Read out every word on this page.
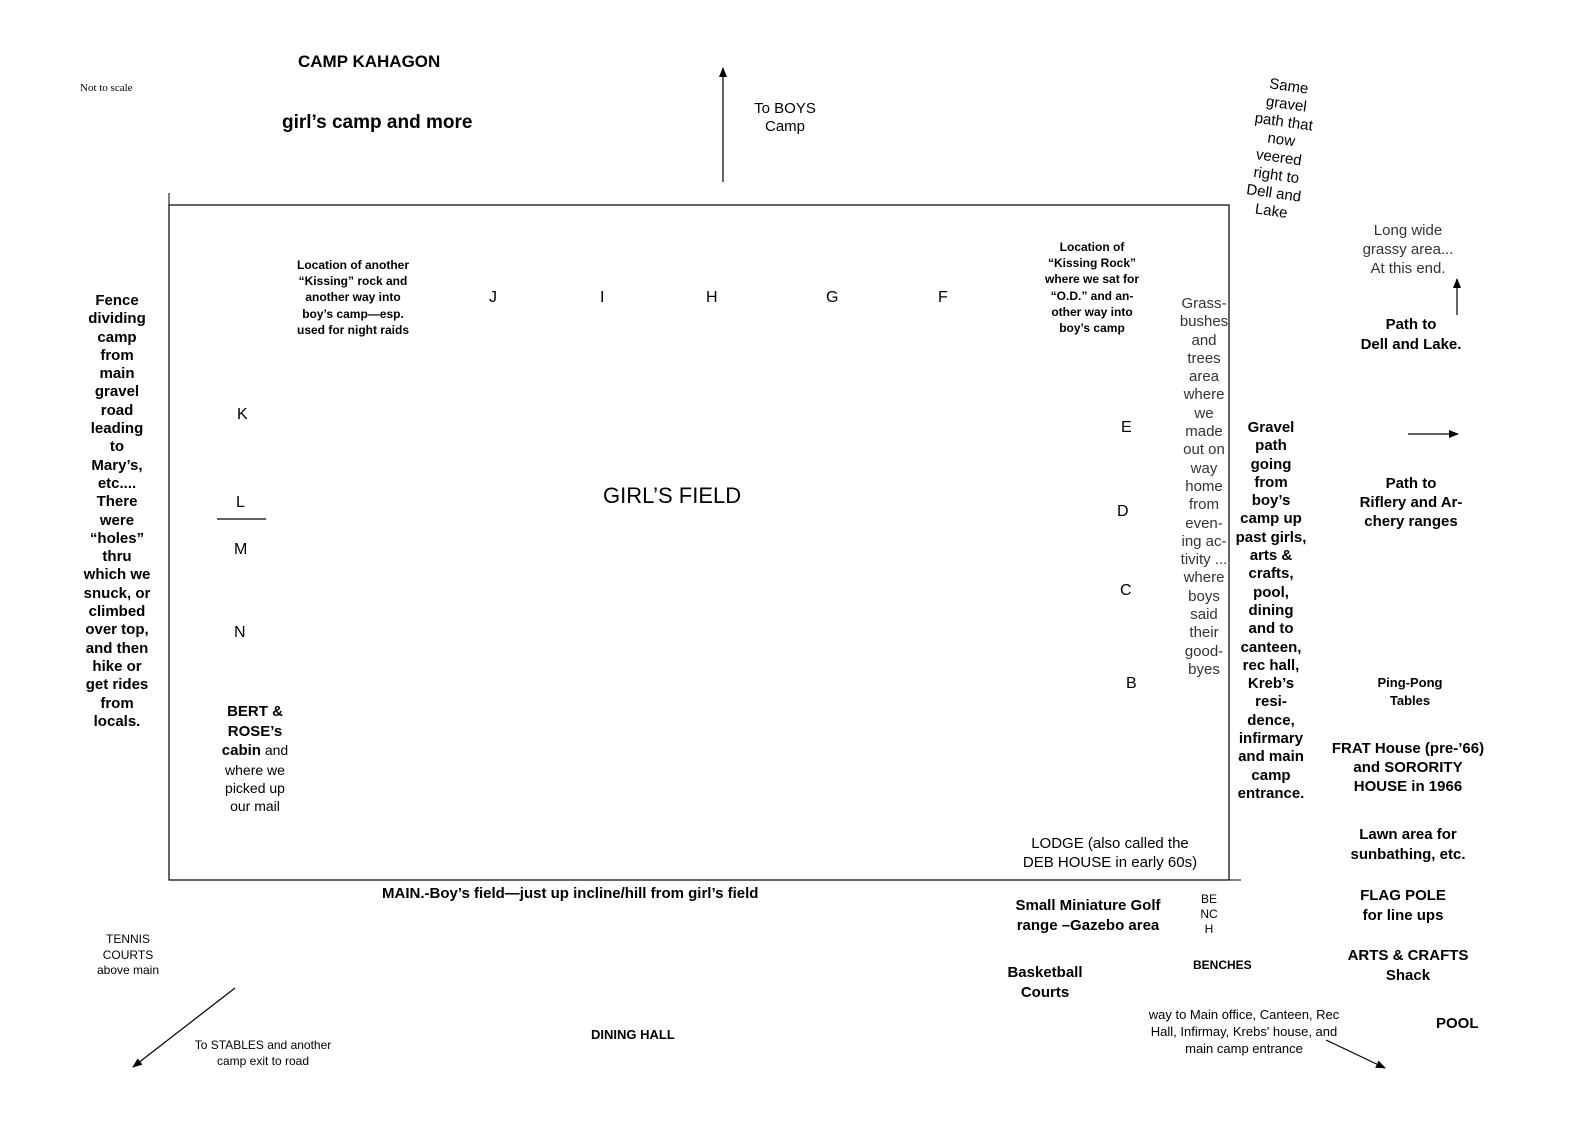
CAMP KAHAGON
girl’s camp and more
Not to scale
To BOYS
Camp
Location of another
“Kissing” rock and
another way into
boy’s camp—esp.
used for night raids
Location of
“Kissing Rock”
where we sat for
“O.D.” and an-
other way into
boy’s camp
J	I	H	G	F
K
L
M
N
E
D
C
B
GIRL’S FIELD
BERT &
ROSE’s
cabin and
where we
picked up
our mail
LODGE (also called the
DEB HOUSE in early 60s)
Fence
dividing
camp
from
main
gravel
road
leading
to
Mary’s,
etc....
There
were
“holes”
thru
which we
snuck, or
climbed
over top,
and then
hike or
get rides
from
locals.
TENNIS
COURTS
above main
To STABLES and another
camp exit to road
Grass-
bushes
and
trees
area
where
we
made
out on
way
home
from
even-
ing ac-
tivity ...
where
boys
said
their
good-
byes
Gravel
path
going
from
boy’s
camp up
past girls,
arts &
crafts,
pool,
dining
and to
canteen,
rec hall,
Kreb’s
resi-
dence,
infirmary
and main
camp
entrance.
Same
gravel
path that
now
veered
right to
Dell and
Lake
Long wide
grassy area...
At this end.
Path to
Dell and Lake.
Path to
Riflery and Ar-
chery ranges
Ping-Pong
Tables
FRAT House (pre-’66)
and SORORITY
HOUSE in 1966
Lawn area for
sunbathing, etc.
FLAG POLE
for line ups
ARTS & CRAFTS
Shack
POOL
MAIN.-Boy’s field—just up incline/hill from girl’s field
Small Miniature Golf
range –Gazebo area
BE
NC
H
BENCHES
Basketball
Courts
DINING HALL
way to Main office, Canteen, Rec
Hall, Infirmay, Krebs' house, and
main camp entrance
